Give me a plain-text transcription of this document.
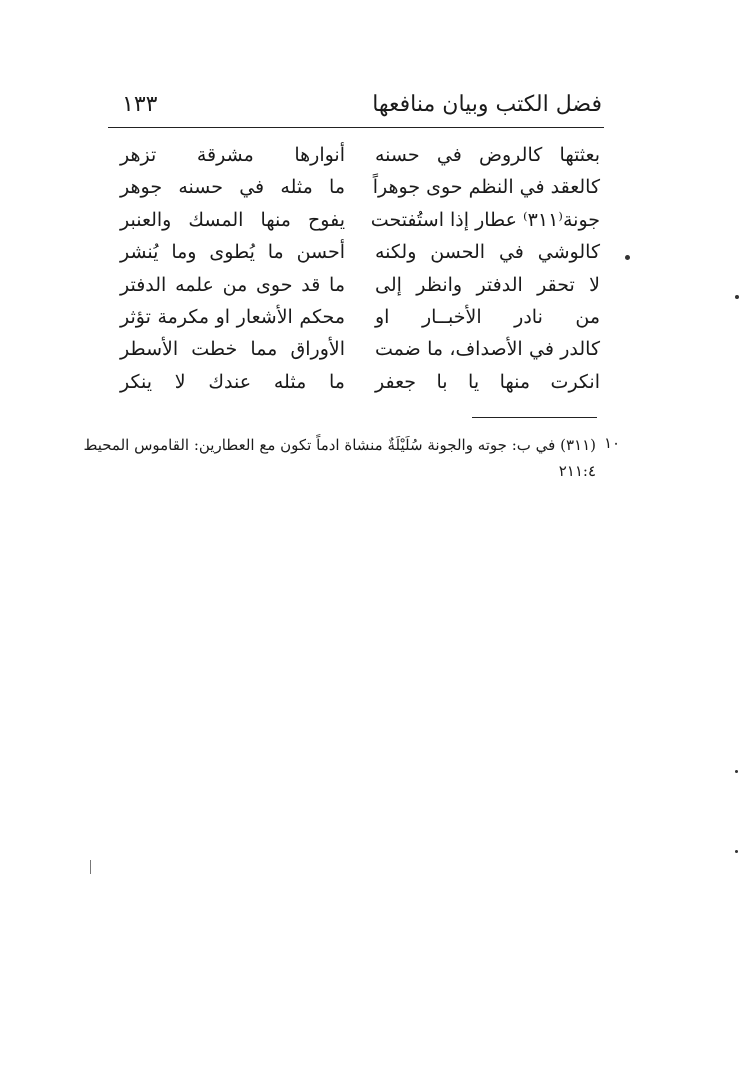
فضل الكتب وبيان منافعها
١٣٣
بعثتها كالروض في حسنه
أنوارها مشرقة تزهر
كالعقد في النظم حوى جوهراً
ما مثله في حسنه جوهر
جونة⁽٣١١⁾ عطار إذا استُفتحت
يفوح منها المسك والعنبر
كالوشي في الحسن ولكنه
أحسن ما يُطوى وما يُنشر
لا تحقر الدفتر وانظر إلى
ما قد حوى من علمه الدفتر
من نادر الأخبــار او
محكم الأشعار او مكرمة تؤثر
كالدر في الأصداف، ما ضمت
الأوراق مما خطت الأسطر
انكرت منها يا با جعفر
ما مثله عندك لا ينكر
١٠
(٣١١) في ب: جوته والجونة سُلَيْلَةٌ منشاة ادماً تكون مع العطارين: القاموس المحيط
٢١١:٤
